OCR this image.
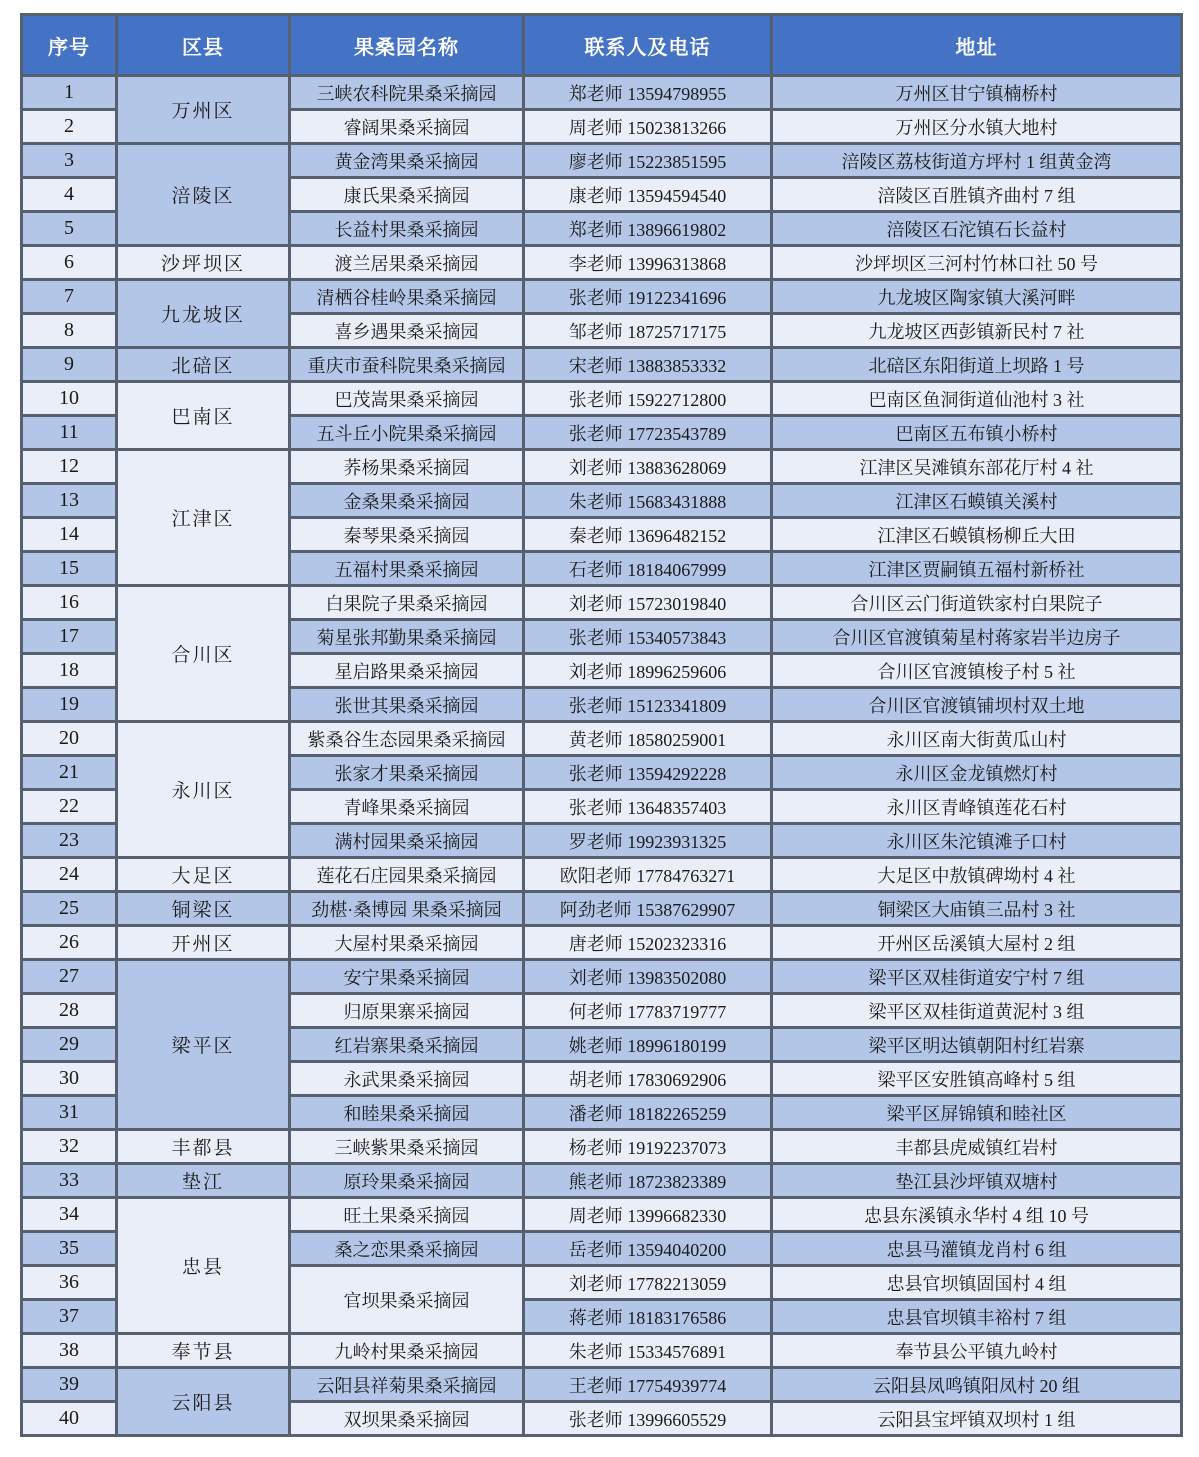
序号	区县	果桑园名称	联系人及电话	地址
1	万州区	三峡农科院果桑采摘园	郑老师 13594798955	万州区甘宁镇楠桥村
2		睿阔果桑采摘园	周老师 15023813266	万州区分水镇大地村
3	涪陵区	黄金湾果桑采摘园	廖老师 15223851595	涪陵区荔枝街道方坪村 1 组黄金湾
4		康氏果桑采摘园	康老师 13594594540	涪陵区百胜镇齐曲村 7 组
5		长益村果桑采摘园	郑老师 13896619802	涪陵区石沱镇石长益村
6	沙坪坝区	渡兰居果桑采摘园	李老师 13996313868	沙坪坝区三河村竹林口社 50 号
7	九龙坡区	清栖谷桂岭果桑采摘园	张老师 19122341696	九龙坡区陶家镇大溪河畔
8		喜乡遇果桑采摘园	邹老师 18725717175	九龙坡区西彭镇新民村 7 社
9	北碚区	重庆市蚕科院果桑采摘园	宋老师 13883853332	北碚区东阳街道上坝路 1 号
10	巴南区	巴茂嵩果桑采摘园	张老师 15922712800	巴南区鱼洞街道仙池村 3 社
11		五斗丘小院果桑采摘园	张老师 17723543789	巴南区五布镇小桥村
12	江津区	荞杨果桑采摘园	刘老师 13883628069	江津区吴滩镇东部花厅村 4 社
13		金桑果桑采摘园	朱老师 15683431888	江津区石蟆镇关溪村
14		秦琴果桑采摘园	秦老师 13696482152	江津区石蟆镇杨柳丘大田
15		五福村果桑采摘园	石老师 18184067999	江津区贾嗣镇五福村新桥社
16	合川区	白果院子果桑采摘园	刘老师 15723019840	合川区云门街道铁家村白果院子
17		菊星张邦勤果桑采摘园	张老师 15340573843	合川区官渡镇菊星村蒋家岩半边房子
18		星启路果桑采摘园	刘老师 18996259606	合川区官渡镇梭子村 5 社
19		张世其果桑采摘园	张老师 15123341809	合川区官渡镇铺坝村双土地
20	永川区	紫桑谷生态园果桑采摘园	黄老师 18580259001	永川区南大街黄瓜山村
21		张家才果桑采摘园	张老师 13594292228	永川区金龙镇燃灯村
22		青峰果桑采摘园	张老师 13648357403	永川区青峰镇莲花石村
23		满村园果桑采摘园	罗老师 19923931325	永川区朱沱镇滩子口村
24	大足区	莲花石庄园果桑采摘园	欧阳老师 17784763271	大足区中敖镇碑坳村 4 社
25	铜梁区	劲椹·桑博园 果桑采摘园	阿劲老师 15387629907	铜梁区大庙镇三品村 3 社
26	开州区	大屋村果桑采摘园	唐老师 15202323316	开州区岳溪镇大屋村 2 组
27	梁平区	安宁果桑采摘园	刘老师 13983502080	梁平区双桂街道安宁村 7 组
28		归原果寨采摘园	何老师 17783719777	梁平区双桂街道黄泥村 3 组
29		红岩寨果桑采摘园	姚老师 18996180199	梁平区明达镇朝阳村红岩寨
30		永武果桑采摘园	胡老师 17830692906	梁平区安胜镇高峰村 5 组
31		和睦果桑采摘园	潘老师 18182265259	梁平区屏锦镇和睦社区
32	丰都县	三峡紫果桑采摘园	杨老师 19192237073	丰都县虎威镇红岩村
33	垫江	原玲果桑采摘园	熊老师 18723823389	垫江县沙坪镇双塘村
34	忠县	旺土果桑采摘园	周老师 13996682330	忠县东溪镇永华村 4 组 10 号
35		桑之恋果桑采摘园	岳老师 13594040200	忠县马灌镇龙肖村 6 组
36		官坝果桑采摘园	刘老师 17782213059	忠县官坝镇固国村 4 组
37			蒋老师 18183176586	忠县官坝镇丰裕村 7 组
38	奉节县	九岭村果桑采摘园	朱老师 15334576891	奉节县公平镇九岭村
39	云阳县	云阳县祥菊果桑采摘园	王老师 17754939774	云阳县凤鸣镇阳凤村 20 组
40		双坝果桑采摘园	张老师 13996605529	云阳县宝坪镇双坝村 1 组
